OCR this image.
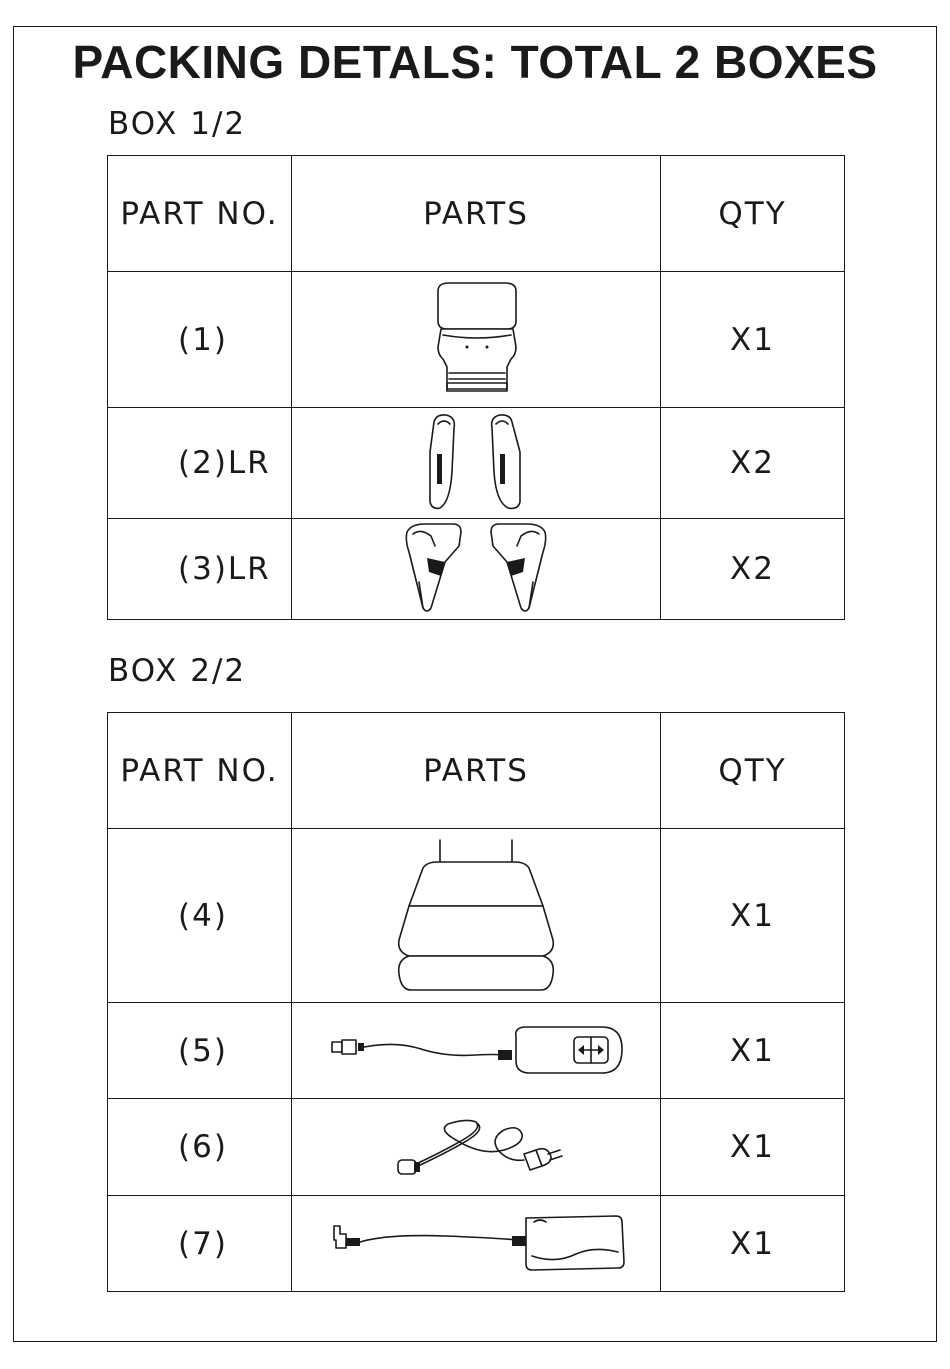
PACKING DETALS: TOTAL 2 BOXES
BOX 1/2
PART NO.	PARTS	QTY
(1)		X1
(2)LR		X2
(3)LR		X2
BOX 2/2
PART NO.	PARTS	QTY
(4)		X1
(5)		X1
(6)		X1
(7)		X1
